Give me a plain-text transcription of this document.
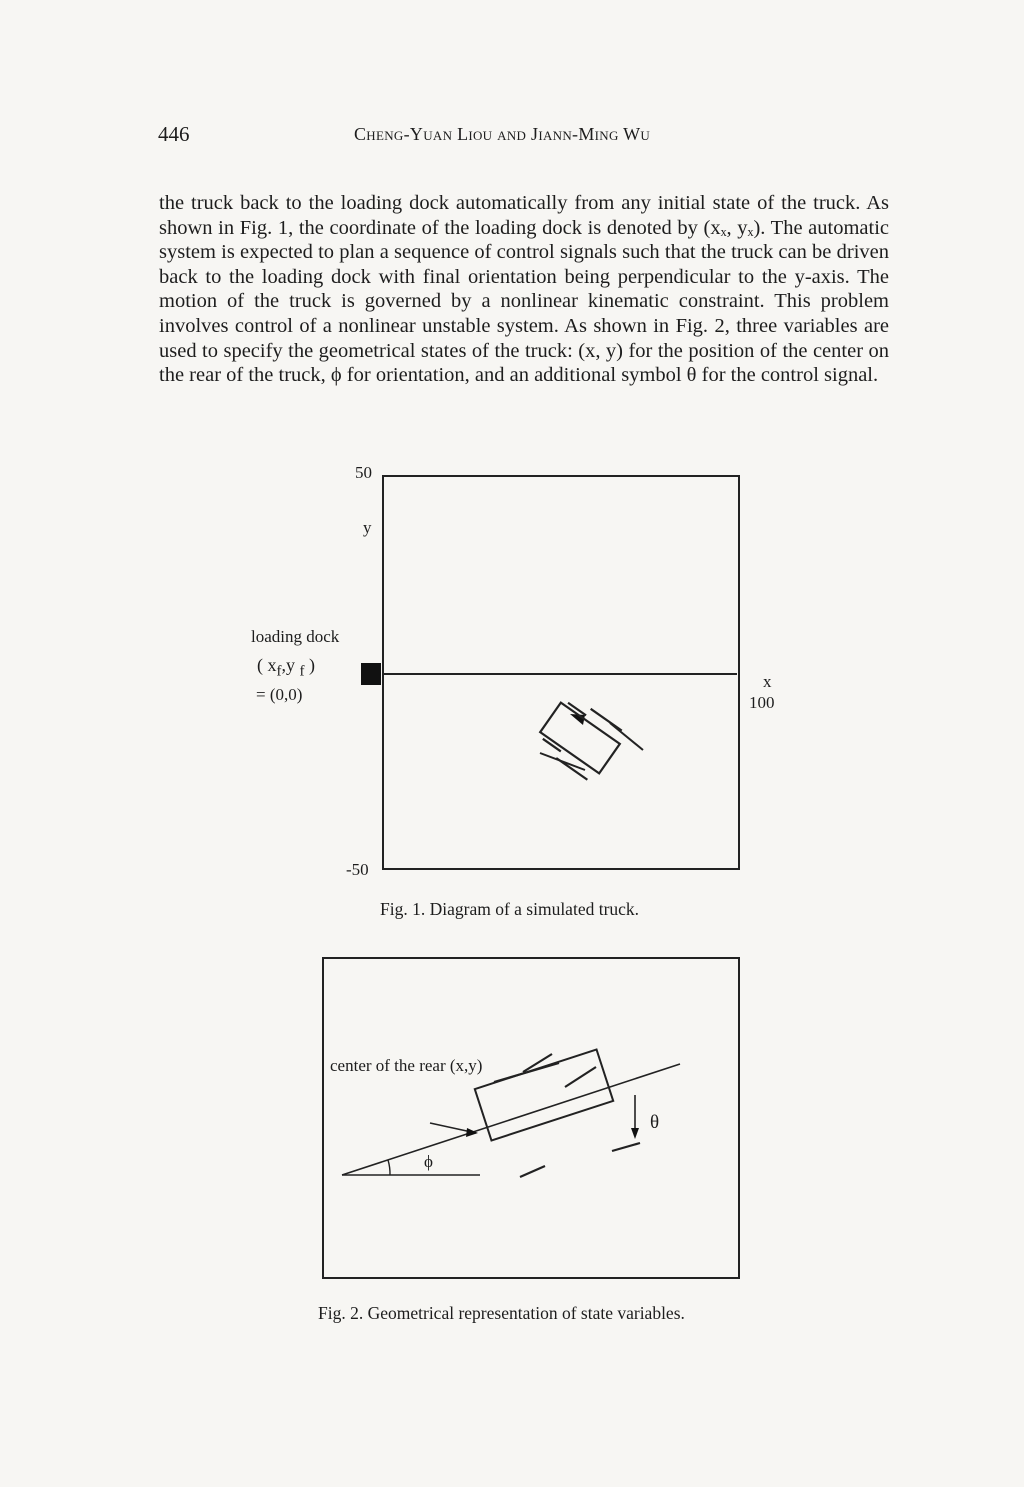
446	Cheng-Yuan Liou and Jiann-Ming Wu

the truck back to the loading dock automatically from any initial state of the truck. As shown in Fig. 1, the coordinate of the loading dock is denoted by (xₓ, yₓ). The automatic system is expected to plan a sequence of control signals such that the truck can be driven back to the loading dock with final orientation being perpendicular to the y-axis. The motion of the truck is governed by a nonlinear kinematic constraint. This problem involves control of a nonlinear unstable system. As shown in Fig. 2, three variables are used to specify the geometrical states of the truck: (x, y) for the position of the center on the rear of the truck, ϕ for orientation, and an additional symbol θ for the control signal.

50
y
loading dock
( $x_f,y$ $_f$ )
= (0,0)
x
100
-50
Fig. 1. Diagram of a simulated truck.
center of the rear (x,y)
ϕ
θ
Fig. 2. Geometrical representation of state variables.
